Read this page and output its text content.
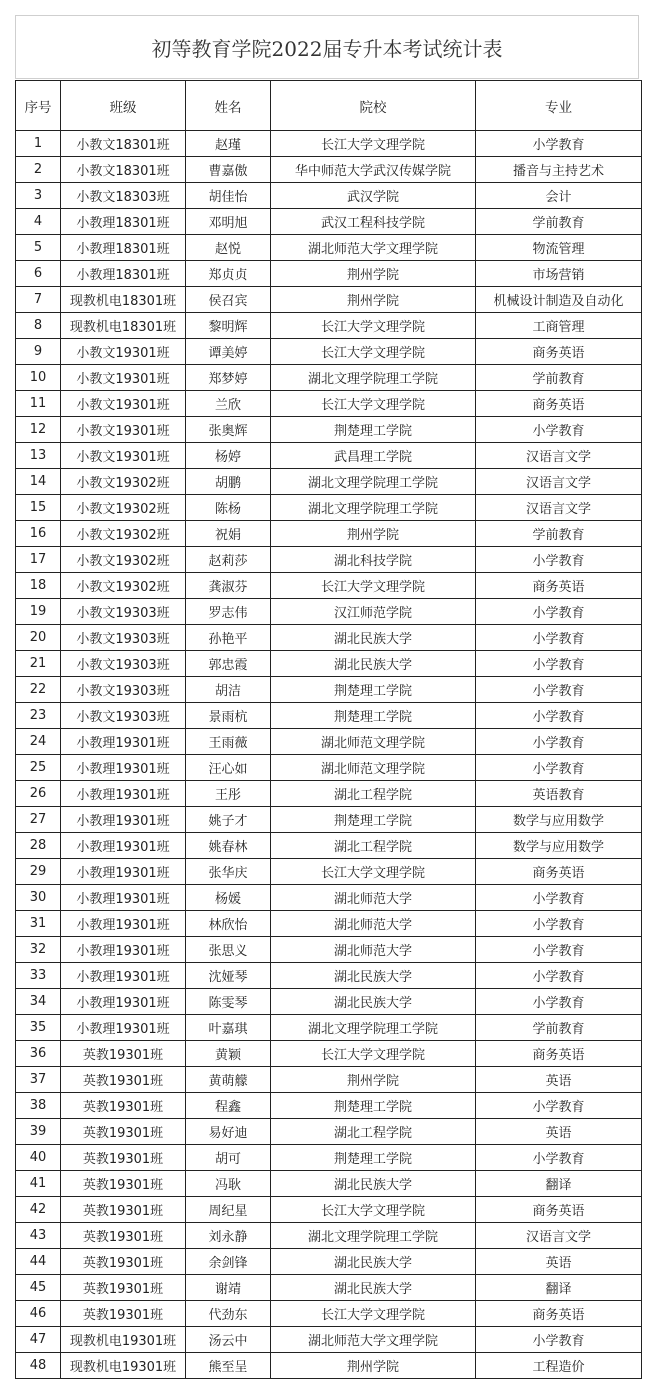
初等教育学院2022届专升本考试统计表
序号	班级	姓名	院校	专业
1	小教文18301班	赵瑾	长江大学文理学院	小学教育
2	小教文18301班	曹嘉傲	华中师范大学武汉传媒学院	播音与主持艺术
3	小教文18303班	胡佳怡	武汉学院	会计
4	小教理18301班	邓明旭	武汉工程科技学院	学前教育
5	小教理18301班	赵悦	湖北师范大学文理学院	物流管理
6	小教理18301班	郑贞贞	荆州学院	市场营销
7	现教机电18301班	侯召宾	荆州学院	机械设计制造及自动化
8	现教机电18301班	黎明辉	长江大学文理学院	工商管理
9	小教文19301班	谭美婷	长江大学文理学院	商务英语
10	小教文19301班	郑梦婷	湖北文理学院理工学院	学前教育
11	小教文19301班	兰欣	长江大学文理学院	商务英语
12	小教文19301班	张奥辉	荆楚理工学院	小学教育
13	小教文19301班	杨婷	武昌理工学院	汉语言文学
14	小教文19302班	胡鹏	湖北文理学院理工学院	汉语言文学
15	小教文19302班	陈杨	湖北文理学院理工学院	汉语言文学
16	小教文19302班	祝娟	荆州学院	学前教育
17	小教文19302班	赵莉莎	湖北科技学院	小学教育
18	小教文19302班	龚淑芬	长江大学文理学院	商务英语
19	小教文19303班	罗志伟	汉江师范学院	小学教育
20	小教文19303班	孙艳平	湖北民族大学	小学教育
21	小教文19303班	郭忠霞	湖北民族大学	小学教育
22	小教文19303班	胡洁	荆楚理工学院	小学教育
23	小教文19303班	景雨杭	荆楚理工学院	小学教育
24	小教理19301班	王雨薇	湖北师范文理学院	小学教育
25	小教理19301班	汪心如	湖北师范文理学院	小学教育
26	小教理19301班	王彤	湖北工程学院	英语教育
27	小教理19301班	姚子才	荆楚理工学院	数学与应用数学
28	小教理19301班	姚春林	湖北工程学院	数学与应用数学
29	小教理19301班	张华庆	长江大学文理学院	商务英语
30	小教理19301班	杨媛	湖北师范大学	小学教育
31	小教理19301班	林欣怡	湖北师范大学	小学教育
32	小教理19301班	张思义	湖北师范大学	小学教育
33	小教理19301班	沈娅琴	湖北民族大学	小学教育
34	小教理19301班	陈雯琴	湖北民族大学	小学教育
35	小教理19301班	叶嘉琪	湖北文理学院理工学院	学前教育
36	英教19301班	黄颖	长江大学文理学院	商务英语
37	英教19301班	黄萌艨	荆州学院	英语
38	英教19301班	程鑫	荆楚理工学院	小学教育
39	英教19301班	易好迪	湖北工程学院	英语
40	英教19301班	胡可	荆楚理工学院	小学教育
41	英教19301班	冯耿	湖北民族大学	翻译
42	英教19301班	周纪星	长江大学文理学院	商务英语
43	英教19301班	刘永静	湖北文理学院理工学院	汉语言文学
44	英教19301班	余剑锋	湖北民族大学	英语
45	英教19301班	谢靖	湖北民族大学	翻译
46	英教19301班	代劲东	长江大学文理学院	商务英语
47	现教机电19301班	汤云中	湖北师范大学文理学院	小学教育
48	现教机电19301班	熊至呈	荆州学院	工程造价
